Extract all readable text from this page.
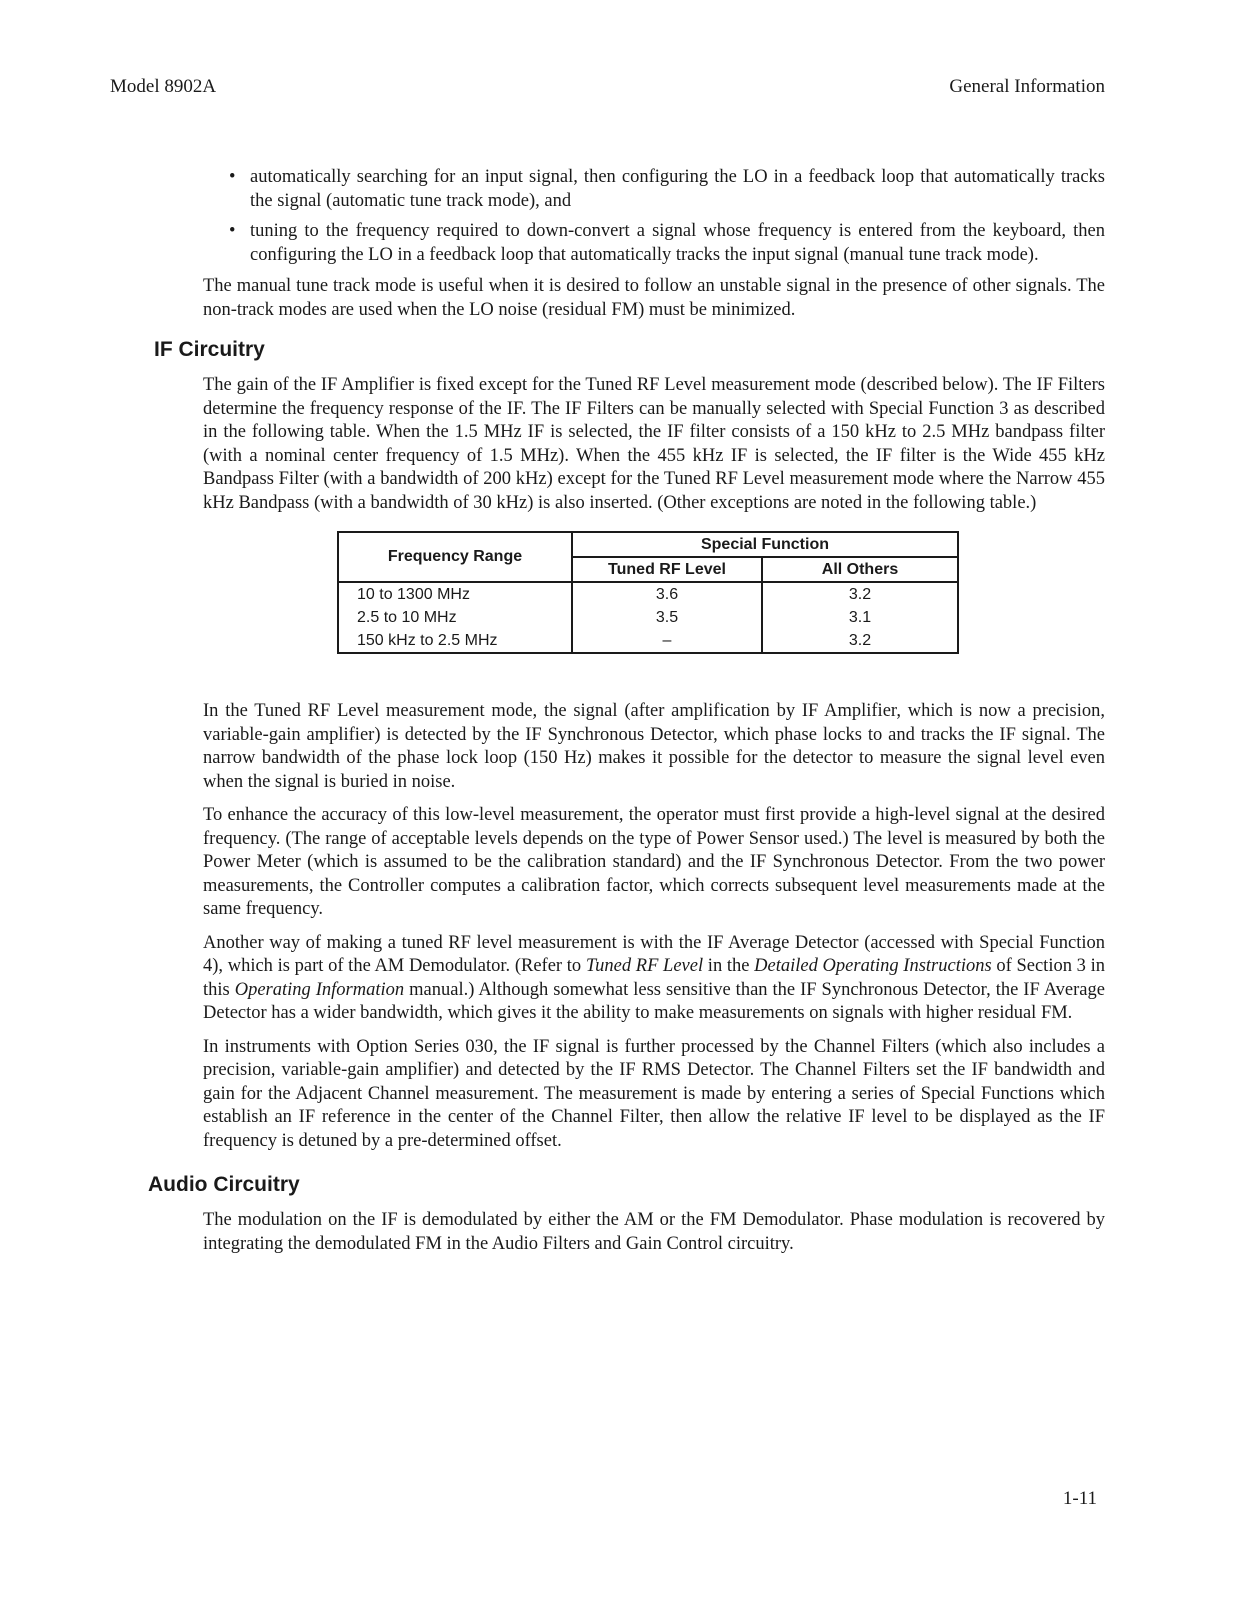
Model 8902A	General Information
• automatically searching for an input signal, then configuring the LO in a feedback loop that automatically tracks the signal (automatic tune track mode), and
• tuning to the frequency required to down-convert a signal whose frequency is entered from the keyboard, then configuring the LO in a feedback loop that automatically tracks the input signal (manual tune track mode).

The manual tune track mode is useful when it is desired to follow an unstable signal in the presence of other signals. The non-track modes are used when the LO noise (residual FM) must be minimized.

IF Circuitry

The gain of the IF Amplifier is fixed except for the Tuned RF Level measurement mode (described below). The IF Filters determine the frequency response of the IF. The IF Filters can be manually selected with Special Function 3 as described in the following table. When the 1.5 MHz IF is selected, the IF filter consists of a 150 kHz to 2.5 MHz bandpass filter (with a nominal center frequency of 1.5 MHz). When the 455 kHz IF is selected, the IF filter is the Wide 455 kHz Bandpass Filter (with a bandwidth of 200 kHz) except for the Tuned RF Level measurement mode where the Narrow 455 kHz Bandpass (with a bandwidth of 30 kHz) is also inserted. (Other exceptions are noted in the following table.)

Frequency Range	Special Function	
	Tuned RF Level	All Others
10 to 1300 MHz	3.6	3.2
2.5 to 10 MHz	3.5	3.1
150 kHz to 2.5 MHz	–	3.2

In the Tuned RF Level measurement mode, the signal (after amplification by IF Amplifier, which is now a precision, variable-gain amplifier) is detected by the IF Synchronous Detector, which phase locks to and tracks the IF signal. The narrow bandwidth of the phase lock loop (150 Hz) makes it possible for the detector to measure the signal level even when the signal is buried in noise.

To enhance the accuracy of this low-level measurement, the operator must first provide a high-level signal at the desired frequency. (The range of acceptable levels depends on the type of Power Sensor used.) The level is measured by both the Power Meter (which is assumed to be the calibration standard) and the IF Synchronous Detector. From the two power measurements, the Controller computes a calibration factor, which corrects subsequent level measurements made at the same frequency.

Another way of making a tuned RF level measurement is with the IF Average Detector (accessed with Special Function 4), which is part of the AM Demodulator. (Refer to Tuned RF Level in the Detailed Operating Instructions of Section 3 in this Operating Information manual.) Although somewhat less sensitive than the IF Synchronous Detector, the IF Average Detector has a wider bandwidth, which gives it the ability to make measurements on signals with higher residual FM.

In instruments with Option Series 030, the IF signal is further processed by the Channel Filters (which also includes a precision, variable-gain amplifier) and detected by the IF RMS Detector. The Channel Filters set the IF bandwidth and gain for the Adjacent Channel measurement. The measurement is made by entering a series of Special Functions which establish an IF reference in the center of the Channel Filter, then allow the relative IF level to be displayed as the IF frequency is detuned by a pre-determined offset.

Audio Circuitry

The modulation on the IF is demodulated by either the AM or the FM Demodulator. Phase modulation is recovered by integrating the demodulated FM in the Audio Filters and Gain Control circuitry.

1-11
